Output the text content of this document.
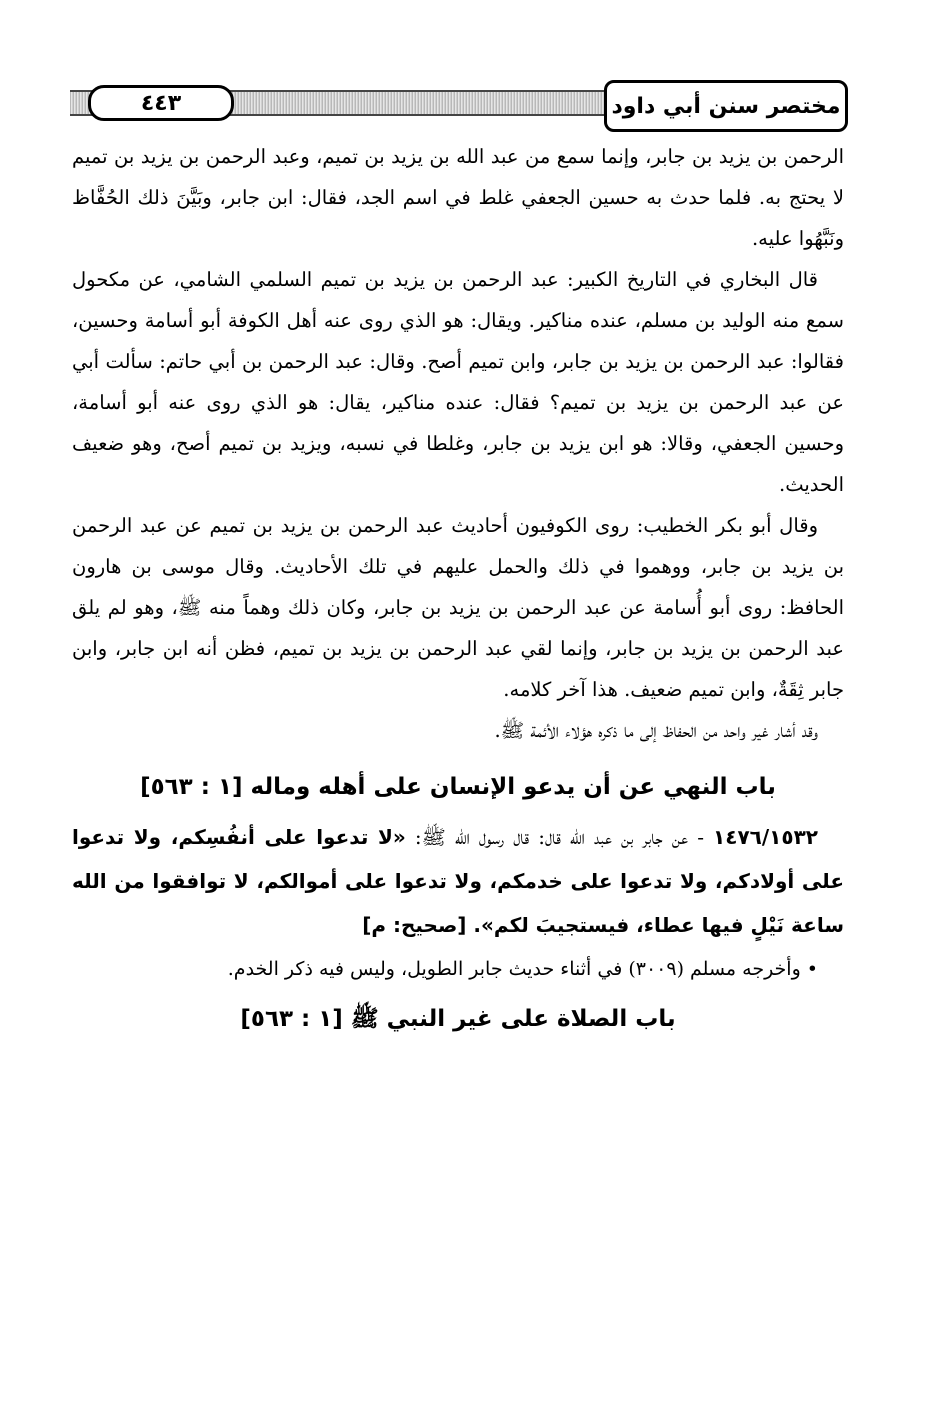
٤٤٣	مختصر سنن أبي داود

الرحمن بن يزيد بن جابر، وإنما سمع من عبد الله بن يزيد بن تميم، وعبد الرحمن بن يزيد بن تميم لا يحتج به. فلما حدث به حسين الجعفي غلط في اسم الجد، فقال: ابن جابر، وبَيَّنَ ذلك الحُفَّاظ ونَبَّهُوا عليه.

قال البخاري في التاريخ الكبير: عبد الرحمن بن يزيد بن تميم السلمي الشامي، عن مكحول سمع منه الوليد بن مسلم، عنده مناكير. ويقال: هو الذي روى عنه أهل الكوفة أبو أسامة وحسين، فقالوا: عبد الرحمن بن يزيد بن جابر، وابن تميم أصح. وقال: عبد الرحمن بن أبي حاتم: سألت أبي عن عبد الرحمن بن يزيد بن تميم؟ فقال: عنده مناكير، يقال: هو الذي روى عنه أبو أسامة، وحسين الجعفي، وقالا: هو ابن يزيد بن جابر، وغلطا في نسبه، ويزيد بن تميم أصح، وهو ضعيف الحديث.

وقال أبو بكر الخطيب: روى الكوفيون أحاديث عبد الرحمن بن يزيد بن تميم عن عبد الرحمن بن يزيد بن جابر، ووهموا في ذلك والحمل عليهم في تلك الأحاديث. وقال موسى بن هارون الحافظ: روى أبو أُسامة عن عبد الرحمن بن يزيد بن جابر، وكان ذلك وهماً منه ﷺ، وهو لم يلق عبد الرحمن بن يزيد بن جابر، وإنما لقي عبد الرحمن بن يزيد بن تميم، فظن أنه ابن جابر، وابن جابر ثِقَةٌ، وابن تميم ضعيف. هذا آخر كلامه.

وقد أشار غير واحد من الحفاظ إلى ما ذكره هؤلاء الأئمة ﷺ.

باب النهي عن أن يدعو الإنسان على أهله وماله [١ : ٥٦٣]

١٤٧٦/١٥٣٢ - عن جابر بن عبد الله قال: قال رسول الله ﷺ: «لا تدعوا على أنفُسِكم، ولا تدعوا على أولادكم، ولا تدعوا على خدمكم، ولا تدعوا على أموالكم، لا توافقوا من الله ساعة نَيْلٍ فيها عطاء، فيستجيبَ لكم». [صحيح: م]

• وأخرجه مسلم (٣٠٠٩) في أثناء حديث جابر الطويل، وليس فيه ذكر الخدم.

باب الصلاة على غير النبي ﷺ [١ : ٥٦٣]
